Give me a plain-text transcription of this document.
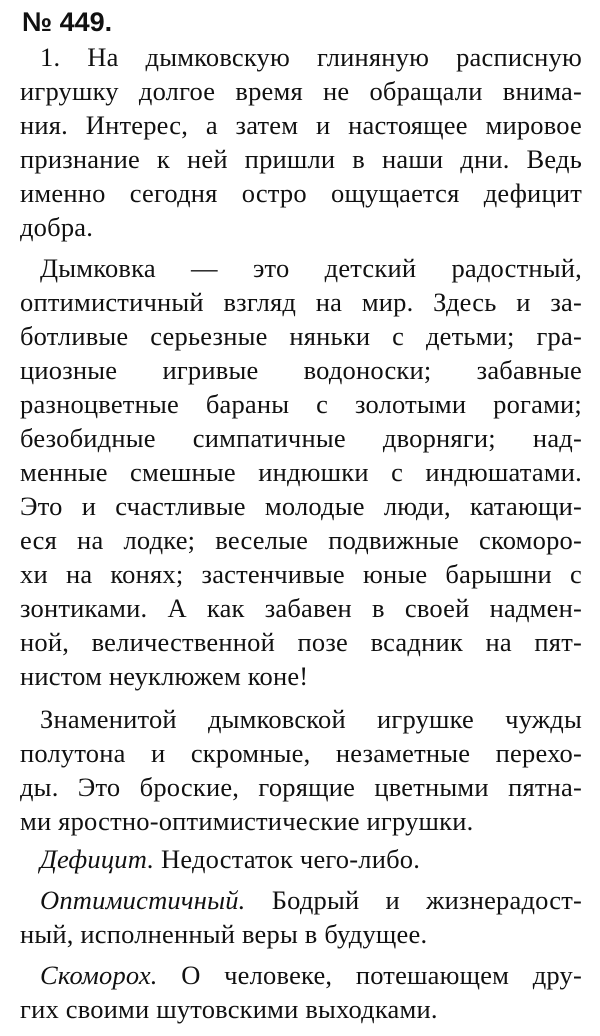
№ 449.
1. На дымковскую глиняную расписную
игрушку долгое время не обращали внима-
ния. Интерес, а затем и настоящее мировое
признание к ней пришли в наши дни. Ведь
именно сегодня остро ощущается дефицит
добра.
Дымковка — это детский радостный,
оптимистичный взгляд на мир. Здесь и за-
ботливые серьезные няньки с детьми; гра-
циозные игривые водоноски; забавные
разноцветные бараны с золотыми рогами;
безобидные симпатичные дворняги; над-
менные смешные индюшки с индюшатами.
Это и счастливые молодые люди, катающи-
еся на лодке; веселые подвижные скоморо-
хи на конях; застенчивые юные барышни с
зонтиками. А как забавен в своей надмен-
ной, величественной позе всадник на пят-
нистом неуклюжем коне!
Знаменитой дымковской игрушке чужды
полутона и скромные, незаметные перехо-
ды. Это броские, горящие цветными пятна-
ми яростно-оптимистические игрушки.
Дефицит. Недостаток чего-либо.
Оптимистичный. Бодрый и жизнерадост-
ный, исполненный веры в будущее.
Скоморох. О человеке, потешающем дру-
гих своими шутовскими выходками.
